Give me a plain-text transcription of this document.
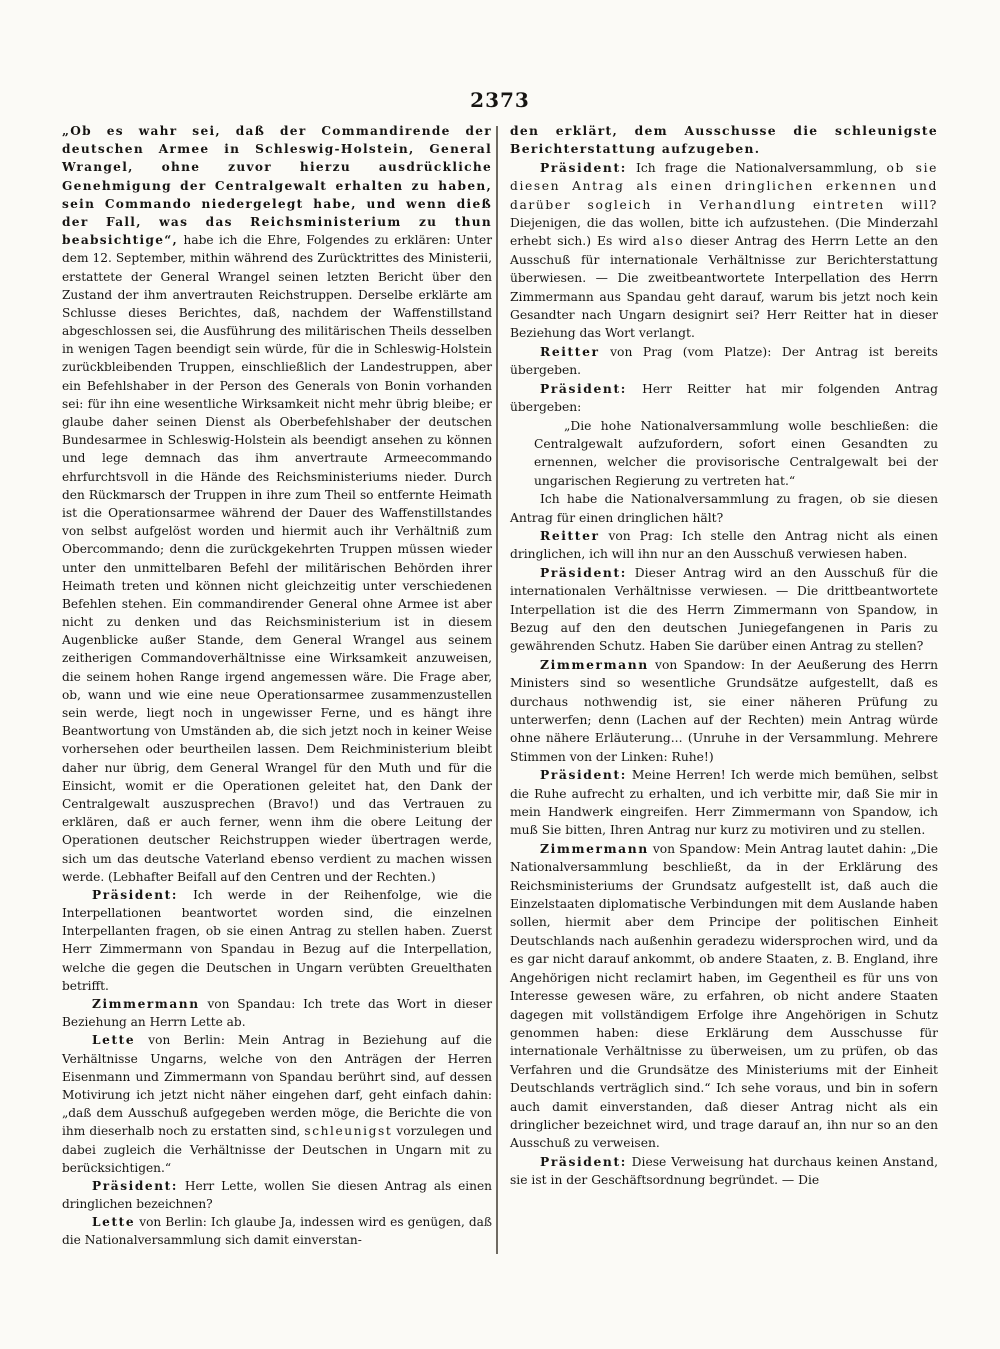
2373

„Ob es wahr sei, daß der Commandirende der deutschen Armee in Schleswig-Holstein, General Wrangel, ohne zuvor hierzu ausdrückliche Genehmigung der Centralgewalt erhalten zu haben, sein Commando niedergelegt habe, und wenn dieß der Fall, was das Reichsministerium zu thun beabsichtige“, habe ich die Ehre, Folgendes zu erklären: Unter dem 12. September, mithin während des Zurücktrittes des Ministerii, erstattete der General Wrangel seinen letzten Bericht über den Zustand der ihm anvertrauten Reichstruppen. Derselbe erklärte am Schlusse dieses Berichtes, daß, nachdem der Waffenstillstand abgeschlossen sei, die Ausführung des militärischen Theils desselben in wenigen Tagen beendigt sein würde, für die in Schleswig-Holstein zurückbleibenden Truppen, einschließlich der Landestruppen, aber ein Befehlshaber in der Person des Generals von Bonin vorhanden sei: für ihn eine wesentliche Wirksamkeit nicht mehr übrig bleibe; er glaube daher seinen Dienst als Oberbefehlshaber der deutschen Bundesarmee in Schleswig-Holstein als beendigt ansehen zu können und lege demnach das ihm anvertraute Armeecommando ehrfurchtsvoll in die Hände des Reichsministeriums nieder. Durch den Rückmarsch der Truppen in ihre zum Theil so entfernte Heimath ist die Operationsarmee während der Dauer des Waffenstillstandes von selbst aufgelöst worden und hiermit auch ihr Verhältniß zum Obercommando; denn die zurückgekehrten Truppen müssen wieder unter den unmittelbaren Befehl der militärischen Behörden ihrer Heimath treten und können nicht gleichzeitig unter verschiedenen Befehlen stehen. Ein commandirender General ohne Armee ist aber nicht zu denken und das Reichsministerium ist in diesem Augenblicke außer Stande, dem General Wrangel aus seinem zeitherigen Commandoverhältnisse eine Wirksamkeit anzuweisen, die seinem hohen Range irgend angemessen wäre. Die Frage aber, ob, wann und wie eine neue Operationsarmee zusammenzustellen sein werde, liegt noch in ungewisser Ferne, und es hängt ihre Beantwortung von Umständen ab, die sich jetzt noch in keiner Weise vorhersehen oder beurtheilen lassen. Dem Reichministerium bleibt daher nur übrig, dem General Wrangel für den Muth und für die Einsicht, womit er die Operationen geleitet hat, den Dank der Centralgewalt auszusprechen (Bravo!) und das Vertrauen zu erklären, daß er auch ferner, wenn ihm die obere Leitung der Operationen deutscher Reichstruppen wieder übertragen werde, sich um das deutsche Vaterland ebenso verdient zu machen wissen werde. (Lebhafter Beifall auf den Centren und der Rechten.)

Präsident: Ich werde in der Reihenfolge, wie die Interpellationen beantwortet worden sind, die einzelnen Interpellanten fragen, ob sie einen Antrag zu stellen haben. Zuerst Herr Zimmermann von Spandau in Bezug auf die Interpellation, welche die gegen die Deutschen in Ungarn verübten Greuelthaten betrifft.

Zimmermann von Spandau: Ich trete das Wort in dieser Beziehung an Herrn Lette ab.

Lette von Berlin: Mein Antrag in Beziehung auf die Verhältnisse Ungarns, welche von den Anträgen der Herren Eisenmann und Zimmermann von Spandau berührt sind, auf dessen Motivirung ich jetzt nicht näher eingehen darf, geht einfach dahin: „daß dem Ausschuß aufgegeben werden möge, die Berichte die von ihm dieserhalb noch zu erstatten sind, schleunigst vorzulegen und dabei zugleich die Verhältnisse der Deutschen in Ungarn mit zu berücksichtigen.“

Präsident: Herr Lette, wollen Sie diesen Antrag als einen dringlichen bezeichnen?

Lette von Berlin: Ich glaube Ja, indessen wird es genügen, daß die Nationalversammlung sich damit einverstan-

den erklärt, dem Ausschusse die schleunigste Berichterstattung aufzugeben.

Präsident: Ich frage die Nationalversammlung, ob sie diesen Antrag als einen dringlichen erkennen und darüber sogleich in Verhandlung eintreten will? Diejenigen, die das wollen, bitte ich aufzustehen. (Die Minderzahl erhebt sich.) Es wird also dieser Antrag des Herrn Lette an den Ausschuß für internationale Verhältnisse zur Berichterstattung überwiesen. — Die zweitbeantwortete Interpellation des Herrn Zimmermann aus Spandau geht darauf, warum bis jetzt noch kein Gesandter nach Ungarn designirt sei? Herr Reitter hat in dieser Beziehung das Wort verlangt.

Reitter von Prag (vom Platze): Der Antrag ist bereits übergeben.

Präsident: Herr Reitter hat mir folgenden Antrag übergeben:

„Die hohe Nationalversammlung wolle beschließen: die Centralgewalt aufzufordern, sofort einen Gesandten zu ernennen, welcher die provisorische Centralgewalt bei der ungarischen Regierung zu vertreten hat.“

Ich habe die Nationalversammlung zu fragen, ob sie diesen Antrag für einen dringlichen hält?

Reitter von Prag: Ich stelle den Antrag nicht als einen dringlichen, ich will ihn nur an den Ausschuß verwiesen haben.

Präsident: Dieser Antrag wird an den Ausschuß für die internationalen Verhältnisse verwiesen. — Die drittbeantwortete Interpellation ist die des Herrn Zimmermann von Spandow, in Bezug auf den den deutschen Juniegefangenen in Paris zu gewährenden Schutz. Haben Sie darüber einen Antrag zu stellen?

Zimmermann von Spandow: In der Aeußerung des Herrn Ministers sind so wesentliche Grundsätze aufgestellt, daß es durchaus nothwendig ist, sie einer näheren Prüfung zu unterwerfen; denn (Lachen auf der Rechten) mein Antrag würde ohne nähere Erläuterung... (Unruhe in der Versammlung. Mehrere Stimmen von der Linken: Ruhe!)

Präsident: Meine Herren! Ich werde mich bemühen, selbst die Ruhe aufrecht zu erhalten, und ich verbitte mir, daß Sie mir in mein Handwerk eingreifen. Herr Zimmermann von Spandow, ich muß Sie bitten, Ihren Antrag nur kurz zu motiviren und zu stellen.

Zimmermann von Spandow: Mein Antrag lautet dahin: „Die Nationalversammlung beschließt, da in der Erklärung des Reichsministeriums der Grundsatz aufgestellt ist, daß auch die Einzelstaaten diplomatische Verbindungen mit dem Auslande haben sollen, hiermit aber dem Principe der politischen Einheit Deutschlands nach außenhin geradezu widersprochen wird, und da es gar nicht darauf ankommt, ob andere Staaten, z. B. England, ihre Angehörigen nicht reclamirt haben, im Gegentheil es für uns von Interesse gewesen wäre, zu erfahren, ob nicht andere Staaten dagegen mit vollständigem Erfolge ihre Angehörigen in Schutz genommen haben: diese Erklärung dem Ausschusse für internationale Verhältnisse zu überweisen, um zu prüfen, ob das Verfahren und die Grundsätze des Ministeriums mit der Einheit Deutschlands verträglich sind.“ Ich sehe voraus, und bin in sofern auch damit einverstanden, daß dieser Antrag nicht als ein dringlicher bezeichnet wird, und trage darauf an, ihn nur so an den Ausschuß zu verweisen.

Präsident: Diese Verweisung hat durchaus keinen Anstand, sie ist in der Geschäftsordnung begründet. — Die
